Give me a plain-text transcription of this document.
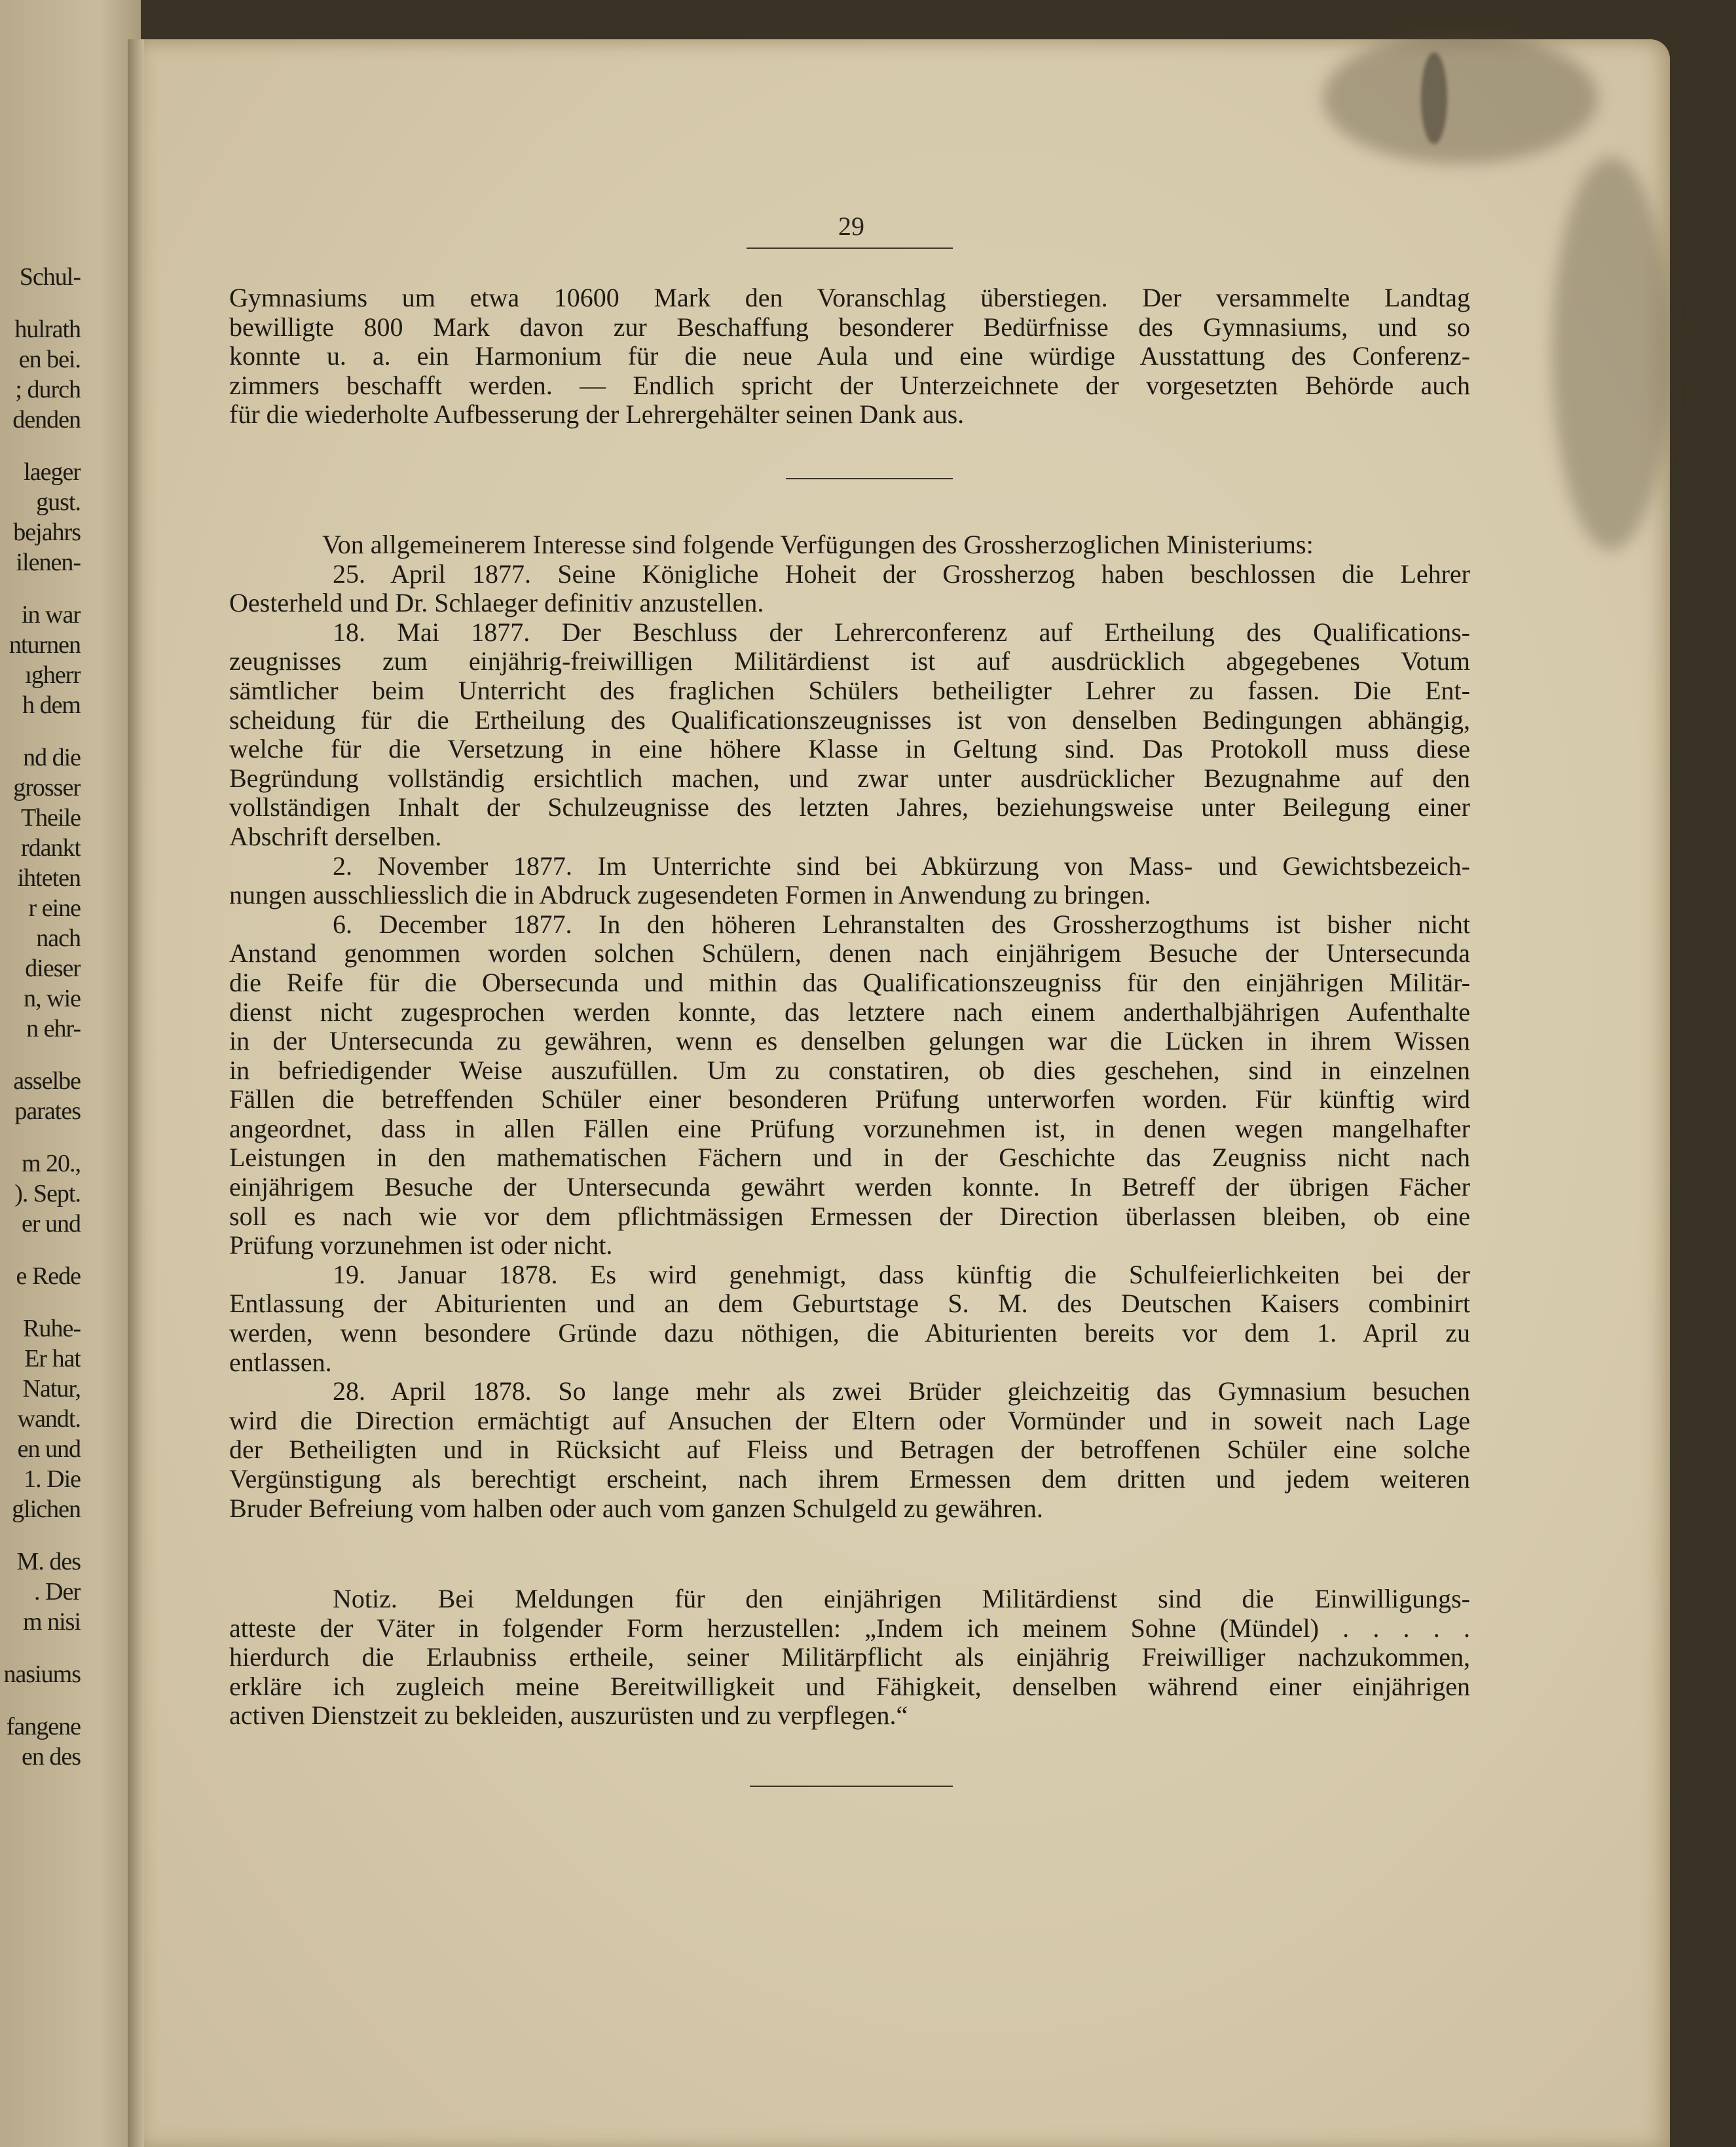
Schul-
hulrath
en bei.
; durch
denden
laeger
gust.
bejahrs
ilenen-
in war
nturnen
ıgherr
h dem
nd die
grosser
Theile
rdankt
ihteten
r eine
nach
dieser
n, wie
n ehr-
asselbe
parates
m 20.,
). Sept.
er und
e Rede
Ruhe-
Er hat
Natur,
wandt.
en und
1. Die
glichen
M. des
. Der
m nisi
nasiums
fangene
en des
29
Gymnasiums um etwa 10600 Mark den Voranschlag überstiegen. Der versammelte Landtag
bewilligte 800 Mark davon zur Beschaffung besonderer Bedürfnisse des Gymnasiums, und so
konnte u. a. ein Harmonium für die neue Aula und eine würdige Ausstattung des Conferenz-
zimmers beschafft werden. — Endlich spricht der Unterzeichnete der vorgesetzten Behörde auch
für die wiederholte Aufbesserung der Lehrergehälter seinen Dank aus.
Von allgemeinerem Interesse sind folgende Verfügungen des Grossherzoglichen Ministeriums:
25. April 1877. Seine Königliche Hoheit der Grossherzog haben beschlossen die Lehrer
Oesterheld und Dr. Schlaeger definitiv anzustellen.
18. Mai 1877. Der Beschluss der Lehrerconferenz auf Ertheilung des Qualifications-
zeugnisses zum einjährig-freiwilligen Militärdienst ist auf ausdrücklich abgegebenes Votum
sämtlicher beim Unterricht des fraglichen Schülers betheiligter Lehrer zu fassen. Die Ent-
scheidung für die Ertheilung des Qualificationszeugnisses ist von denselben Bedingungen abhängig,
welche für die Versetzung in eine höhere Klasse in Geltung sind. Das Protokoll muss diese
Begründung vollständig ersichtlich machen, und zwar unter ausdrücklicher Bezugnahme auf den
vollständigen Inhalt der Schulzeugnisse des letzten Jahres, beziehungsweise unter Beilegung einer
Abschrift derselben.
2. November 1877. Im Unterrichte sind bei Abkürzung von Mass- und Gewichtsbezeich-
nungen ausschliesslich die in Abdruck zugesendeten Formen in Anwendung zu bringen.
6. December 1877. In den höheren Lehranstalten des Grossherzogthums ist bisher nicht
Anstand genommen worden solchen Schülern, denen nach einjährigem Besuche der Untersecunda
die Reife für die Obersecunda und mithin das Qualificationszeugniss für den einjährigen Militär-
dienst nicht zugesprochen werden konnte, das letztere nach einem anderthalbjährigen Aufenthalte
in der Untersecunda zu gewähren, wenn es denselben gelungen war die Lücken in ihrem Wissen
in befriedigender Weise auszufüllen. Um zu constatiren, ob dies geschehen, sind in einzelnen
Fällen die betreffenden Schüler einer besonderen Prüfung unterworfen worden. Für künftig wird
angeordnet, dass in allen Fällen eine Prüfung vorzunehmen ist, in denen wegen mangelhafter
Leistungen in den mathematischen Fächern und in der Geschichte das Zeugniss nicht nach
einjährigem Besuche der Untersecunda gewährt werden konnte. In Betreff der übrigen Fächer
soll es nach wie vor dem pflichtmässigen Ermessen der Direction überlassen bleiben, ob eine
Prüfung vorzunehmen ist oder nicht.
19. Januar 1878. Es wird genehmigt, dass künftig die Schulfeierlichkeiten bei der
Entlassung der Abiturienten und an dem Geburtstage S. M. des Deutschen Kaisers combinirt
werden, wenn besondere Gründe dazu nöthigen, die Abiturienten bereits vor dem 1. April zu
entlassen.
28. April 1878. So lange mehr als zwei Brüder gleichzeitig das Gymnasium besuchen
wird die Direction ermächtigt auf Ansuchen der Eltern oder Vormünder und in soweit nach Lage
der Betheiligten und in Rücksicht auf Fleiss und Betragen der betroffenen Schüler eine solche
Vergünstigung als berechtigt erscheint, nach ihrem Ermessen dem dritten und jedem weiteren
Bruder Befreiung vom halben oder auch vom ganzen Schulgeld zu gewähren.
Notiz. Bei Meldungen für den einjährigen Militärdienst sind die Einwilligungs-
atteste der Väter in folgender Form herzustellen: „Indem ich meinem Sohne (Mündel) . . . . .
hierdurch die Erlaubniss ertheile, seiner Militärpflicht als einjährig Freiwilliger nachzukommen,
erkläre ich zugleich meine Bereitwilligkeit und Fähigkeit, denselben während einer einjährigen
activen Dienstzeit zu bekleiden, auszurüsten und zu verpflegen.“
